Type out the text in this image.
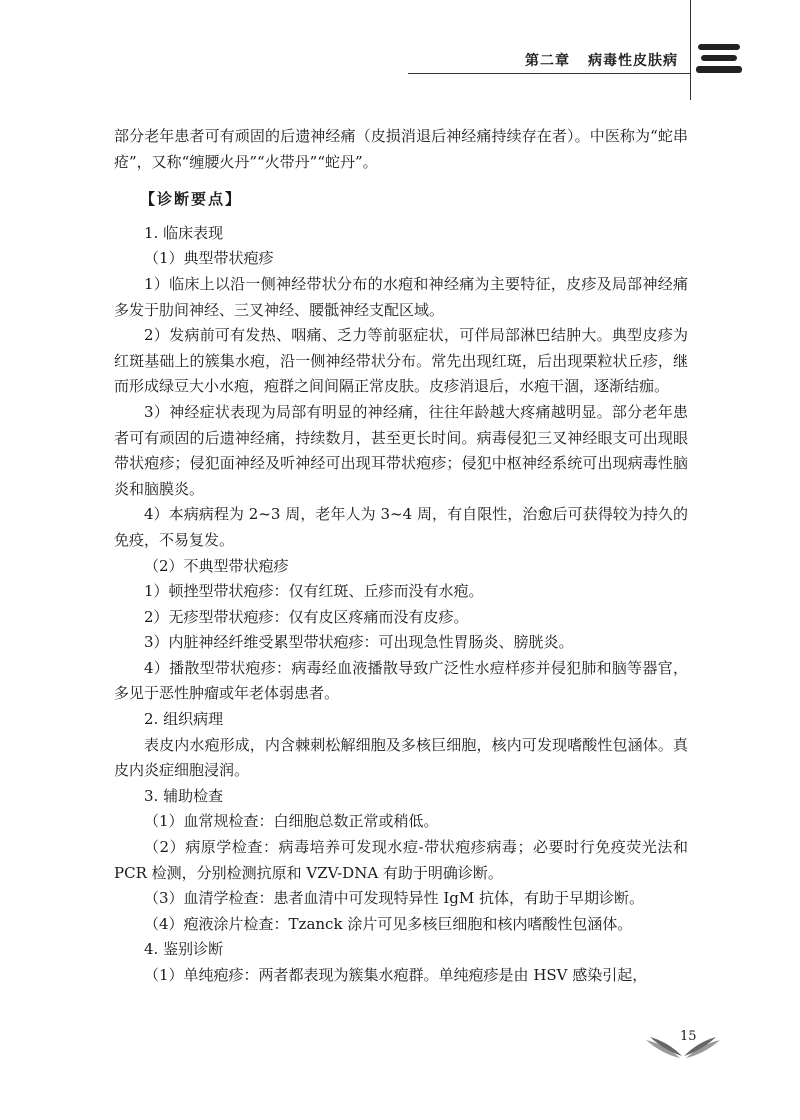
第二章 病毒性皮肤病

部分老年患者可有顽固的后遗神经痛（皮损消退后神经痛持续存在者）。中医称为“蛇串疮”，又称“缠腰火丹”“火带丹”“蛇丹”。

【诊断要点】

1. 临床表现

（1）典型带状疱疹

1）临床上以沿一侧神经带状分布的水疱和神经痛为主要特征，皮疹及局部神经痛多发于肋间神经、三叉神经、腰骶神经支配区域。

2）发病前可有发热、咽痛、乏力等前驱症状，可伴局部淋巴结肿大。典型皮疹为红斑基础上的簇集水疱，沿一侧神经带状分布。常先出现红斑，后出现栗粒状丘疹，继而形成绿豆大小水疱，疱群之间间隔正常皮肤。皮疹消退后，水疱干涸，逐渐结痂。

3）神经症状表现为局部有明显的神经痛，往往年龄越大疼痛越明显。部分老年患者可有顽固的后遗神经痛，持续数月，甚至更长时间。病毒侵犯三叉神经眼支可出现眼带状疱疹；侵犯面神经及听神经可出现耳带状疱疹；侵犯中枢神经系统可出现病毒性脑炎和脑膜炎。

4）本病病程为 2~3 周，老年人为 3~4 周，有自限性，治愈后可获得较为持久的免疫，不易复发。

（2）不典型带状疱疹

1）顿挫型带状疱疹：仅有红斑、丘疹而没有水疱。

2）无疹型带状疱疹：仅有皮区疼痛而没有皮疹。

3）内脏神经纤维受累型带状疱疹：可出现急性胃肠炎、膀胱炎。

4）播散型带状疱疹：病毒经血液播散导致广泛性水痘样疹并侵犯肺和脑等器官，多见于恶性肿瘤或年老体弱患者。

2. 组织病理

表皮内水疱形成，内含棘刺松解细胞及多核巨细胞，核内可发现嗜酸性包涵体。真皮内炎症细胞浸润。

3. 辅助检查

（1）血常规检查：白细胞总数正常或稍低。

（2）病原学检查：病毒培养可发现水痘-带状疱疹病毒；必要时行免疫荧光法和 PCR 检测，分别检测抗原和 VZV-DNA 有助于明确诊断。

（3）血清学检查：患者血清中可发现特异性 IgM 抗体，有助于早期诊断。

（4）疱液涂片检查：Tzanck 涂片可见多核巨细胞和核内嗜酸性包涵体。

4. 鉴别诊断

（1）单纯疱疹：两者都表现为簇集水疱群。单纯疱疹是由 HSV 感染引起，

15
